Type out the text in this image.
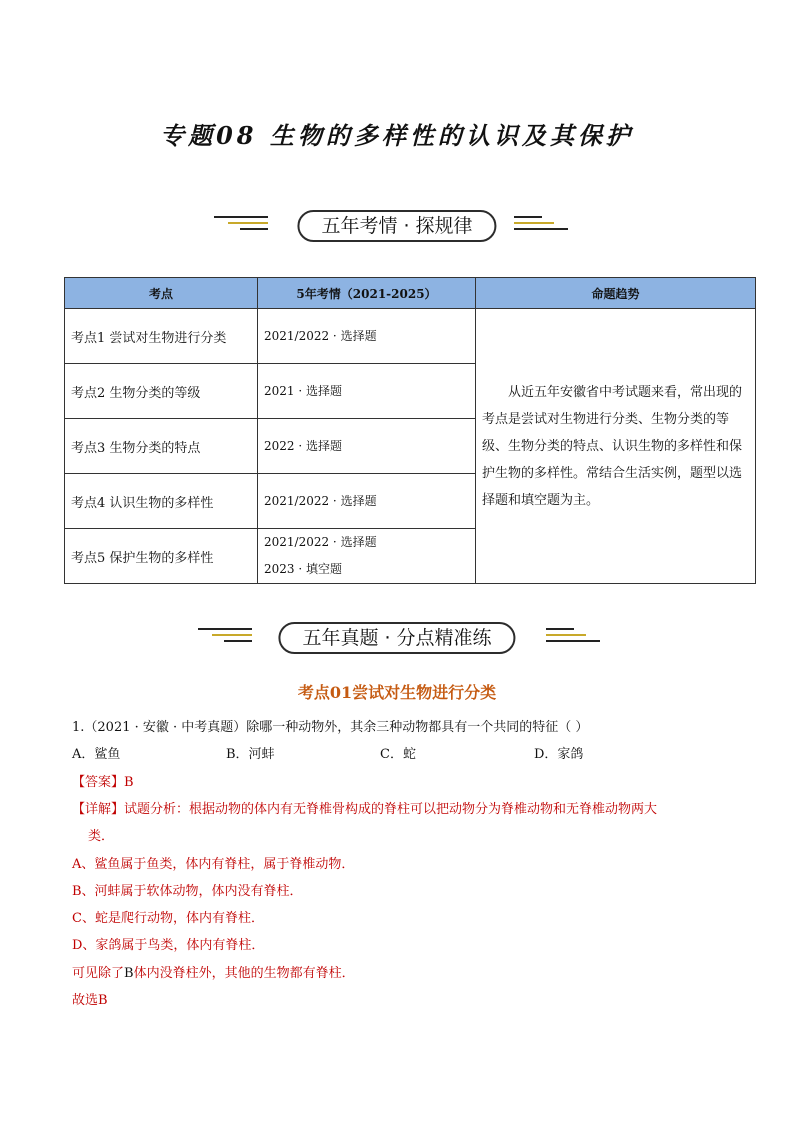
专题08 生物的多样性的认识及其保护
五年考情 · 探规律
考点	5年考情（2021-2025）	命题趋势
考点1 尝试对生物进行分类	2021/2022 · 选择题	从近五年安徽省中考试题来看，常出现的考点是尝试对生物进行分类、生物分类的等级、生物分类的特点、认识生物的多样性和保护生物的多样性。常结合生活实例，题型以选择题和填空题为主。
考点2 生物分类的等级	2021 · 选择题	
考点3 生物分类的特点	2022 · 选择题	
考点4 认识生物的多样性	2021/2022 · 选择题	
考点5 保护生物的多样性	2021/2022 · 选择题
2023 · 填空题	
五年真题 · 分点精准练
考点01尝试对生物进行分类
1.（2021 · 安徽 · 中考真题）除哪一种动物外，其余三种动物都具有一个共同的特征（ ）
A．鲨鱼	B．河蚌	C．蛇	D．家鸽
【答案】B
【详解】试题分析：根据动物的体内有无脊椎骨构成的脊柱可以把动物分为脊椎动物和无脊椎动物两大
类．
A、鲨鱼属于鱼类，体内有脊柱，属于脊椎动物．
B、河蚌属于软体动物，体内没有脊柱．
C、蛇是爬行动物，体内有脊柱．
D、家鸽属于鸟类，体内有脊柱．
可见除了B体内没脊柱外，其他的生物都有脊柱．
故选B
